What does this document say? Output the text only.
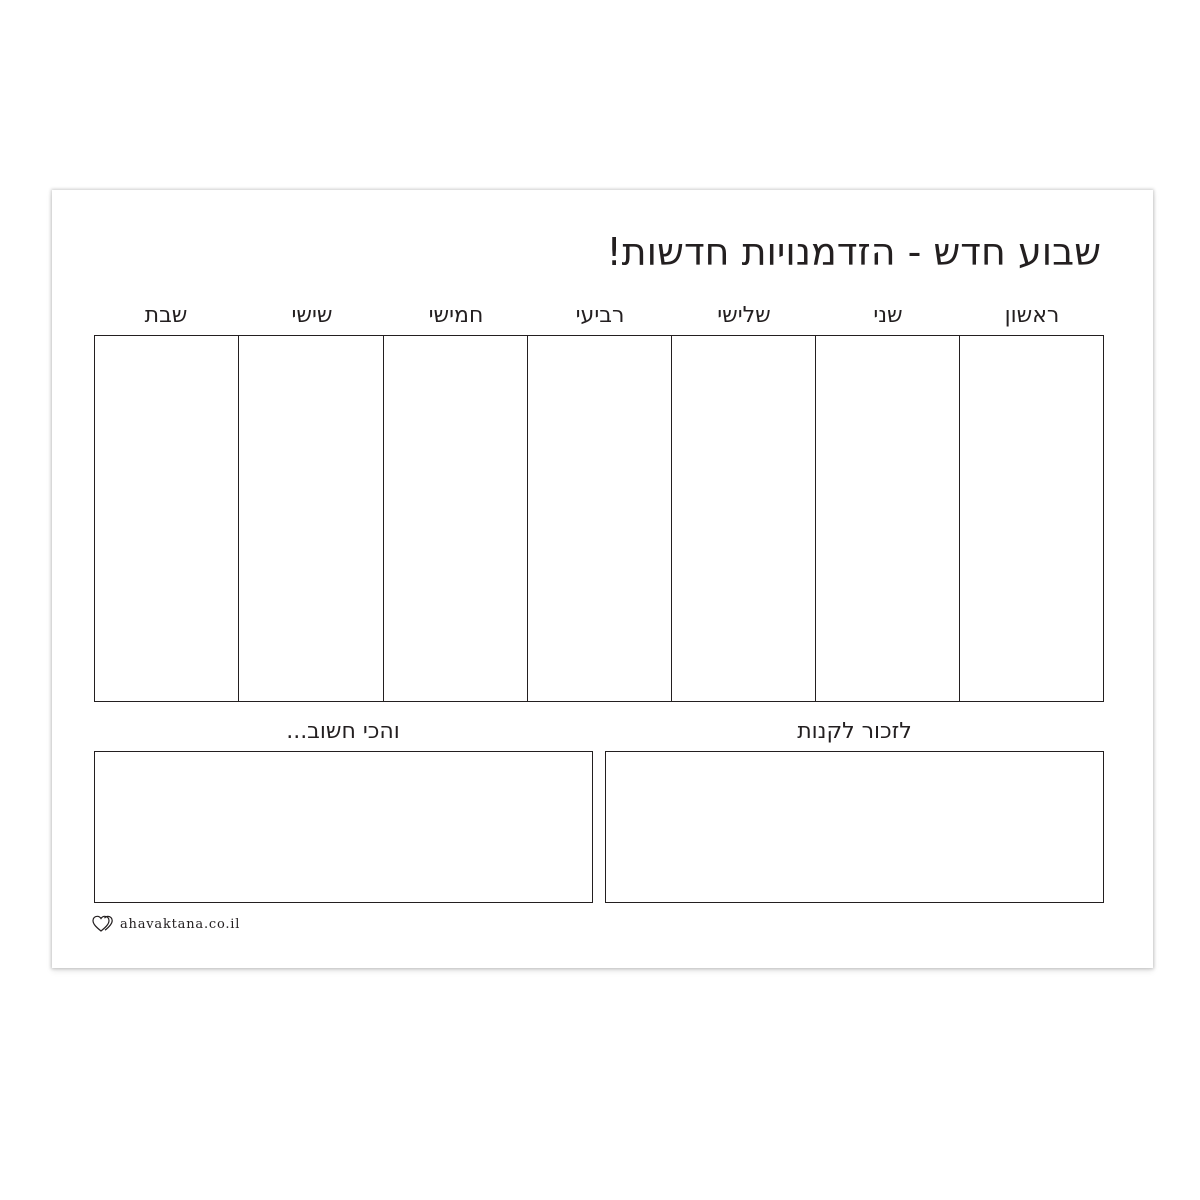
שבוע חדש - הזדמנויות חדשות!
ראשון
שני
שלישי
רביעי
חמישי
שישי
שבת
לזכור לקנות
והכי חשוב...
ahavaktana.co.il
